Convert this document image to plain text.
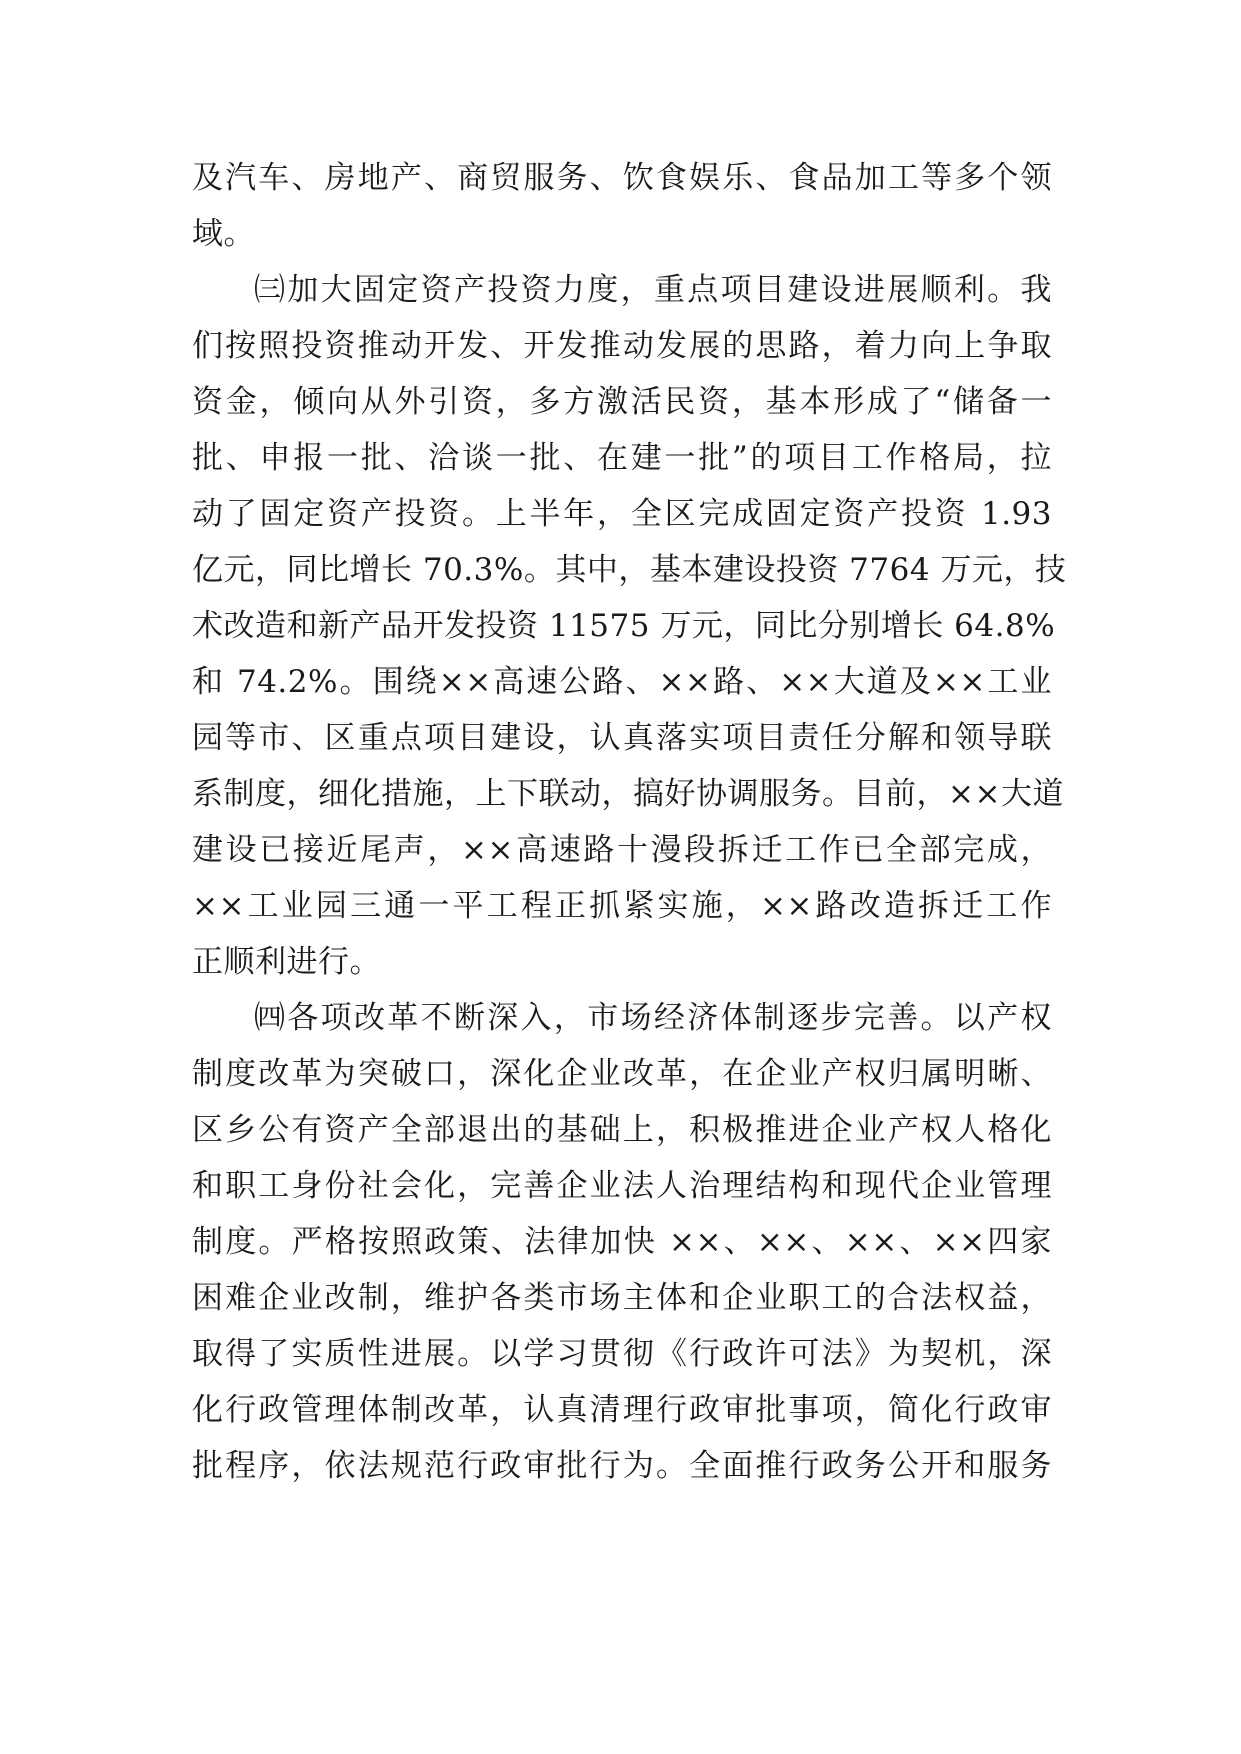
及汽车、房地产、商贸服务、饮食娱乐、食品加工等多个领
域。
㈢加大固定资产投资力度，重点项目建设进展顺利。我
们按照投资推动开发、开发推动发展的思路，着力向上争取
资金，倾向从外引资，多方激活民资，基本形成了“储备一
批、申报一批、洽谈一批、在建一批”的项目工作格局，拉
动了固定资产投资。上半年，全区完成固定资产投资 1.93
亿元，同比增长 70.3%。其中，基本建设投资 7764 万元，技
术改造和新产品开发投资 11575 万元，同比分别增长 64.8%
和 74.2%。围绕××高速公路、××路、××大道及××工业
园等市、区重点项目建设，认真落实项目责任分解和领导联
系制度，细化措施，上下联动，搞好协调服务。目前，××大道
建设已接近尾声，××高速路十漫段拆迁工作已全部完成，
××工业园三通一平工程正抓紧实施，××路改造拆迁工作
正顺利进行。
㈣各项改革不断深入，市场经济体制逐步完善。以产权
制度改革为突破口，深化企业改革，在企业产权归属明晰、
区乡公有资产全部退出的基础上，积极推进企业产权人格化
和职工身份社会化，完善企业法人治理结构和现代企业管理
制度。严格按照政策、法律加快 ××、××、××、××四家
困难企业改制，维护各类市场主体和企业职工的合法权益，
取得了实质性进展。以学习贯彻《行政许可法》为契机，深
化行政管理体制改革，认真清理行政审批事项，简化行政审
批程序，依法规范行政审批行为。全面推行政务公开和服务
